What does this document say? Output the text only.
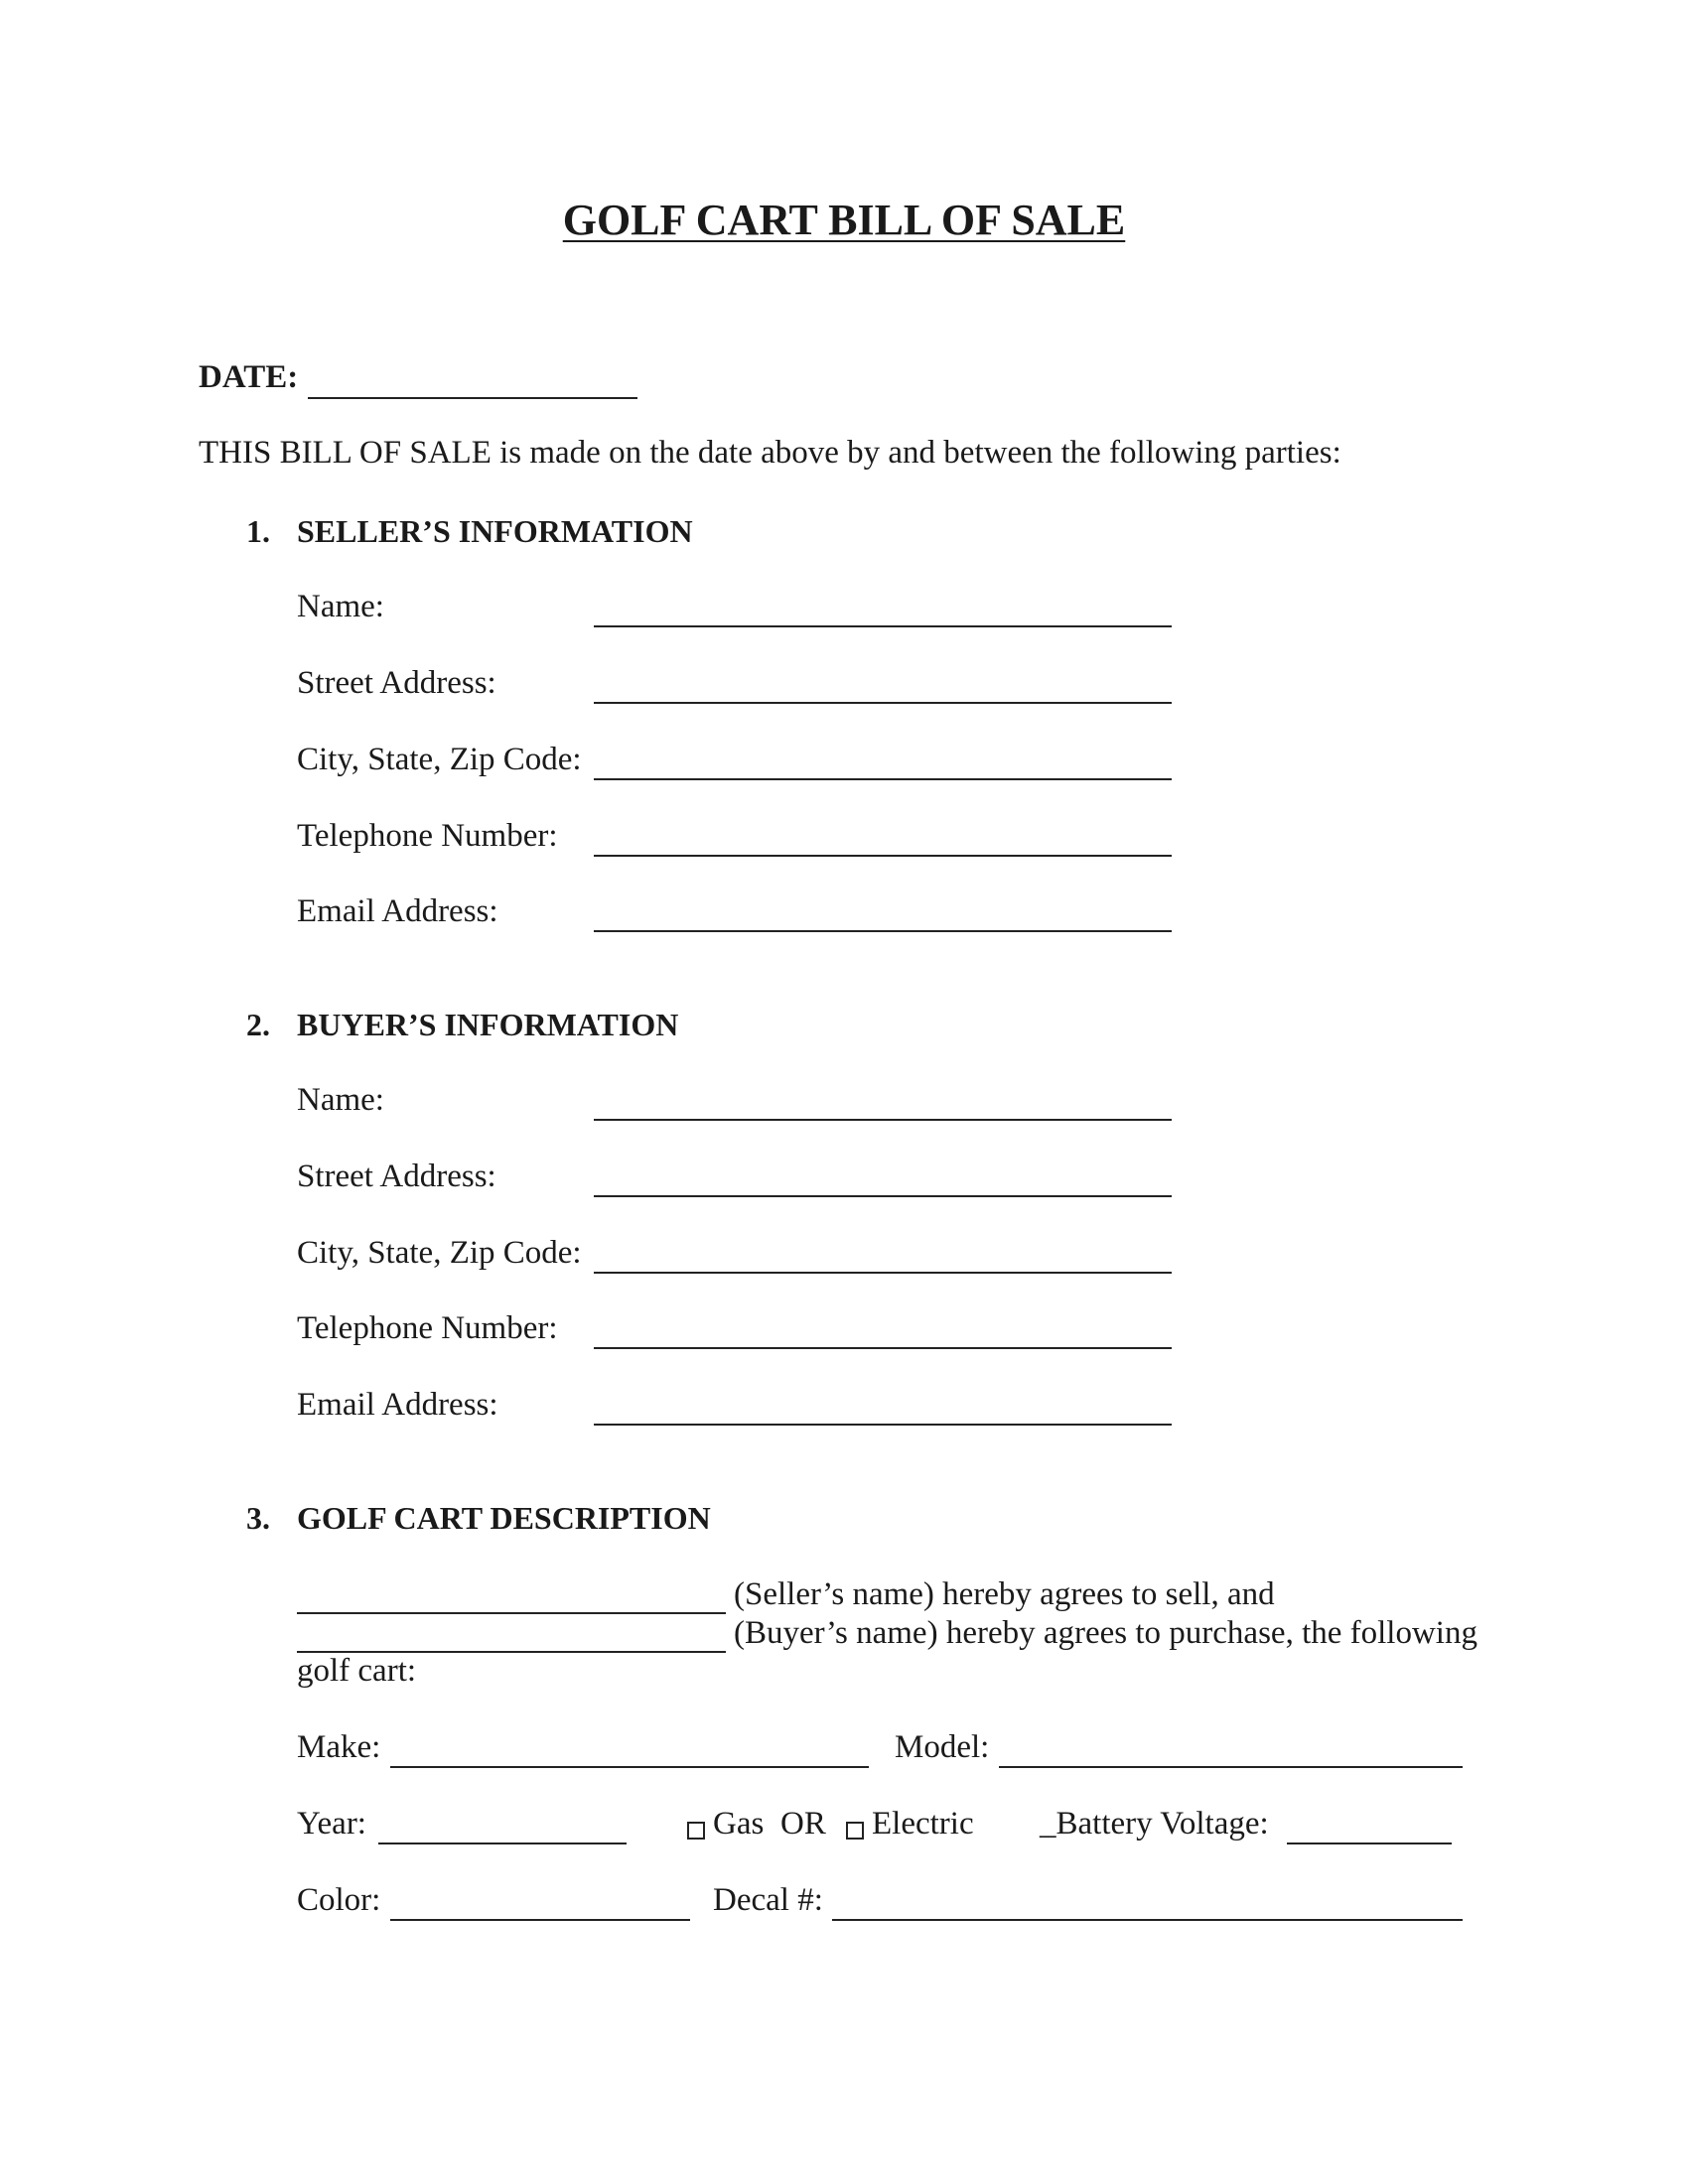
GOLF CART BILL OF SALE
DATE:
THIS BILL OF SALE is made on the date above by and between the following parties:
1. SELLER’S INFORMATION
Name:
Street Address:
City, State, Zip Code:
Telephone Number:
Email Address:
2. BUYER’S INFORMATION
Name:
Street Address:
City, State, Zip Code:
Telephone Number:
Email Address:
3. GOLF CART DESCRIPTION
(Seller’s name) hereby agrees to sell, and
(Buyer’s name) hereby agrees to purchase, the following
golf cart:
Make:	Model:
Year:	Gas OR Electric _Battery Voltage:
Color:	Decal #:
